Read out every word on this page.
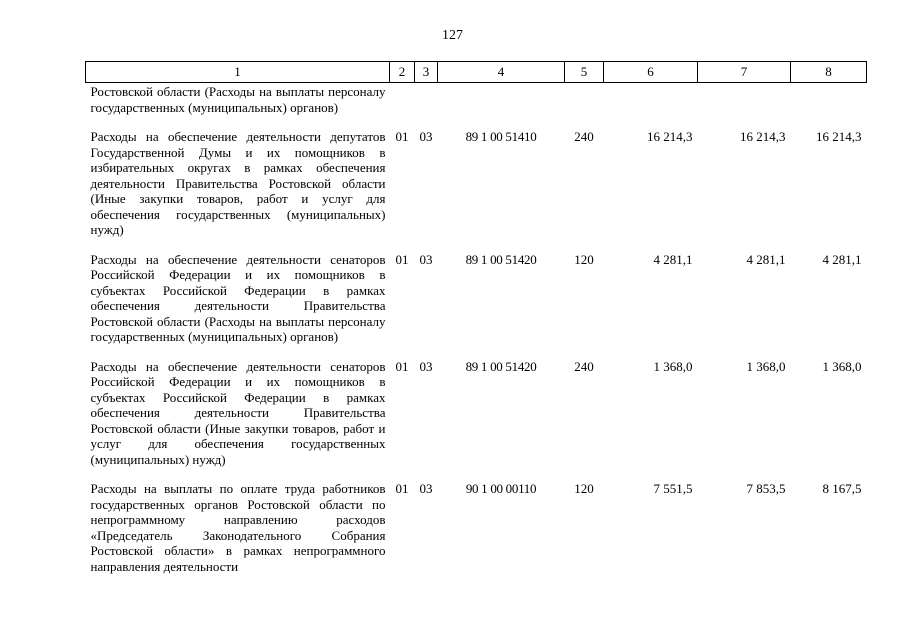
127
1	2	3	4	5	6	7	8
Ростовской области (Расходы на выплаты персоналу государственных (муниципальных) органов)							
Расходы на обеспечение деятельности депутатов Государственной Думы и их помощников в избирательных округах в рамках обеспечения деятельности Правительства Ростовской области (Иные закупки товаров, работ и услуг для обеспечения государственных (муниципальных) нужд)	01	03	89 1 00 51410	240	16 214,3	16 214,3	16 214,3
Расходы на обеспечение деятельности сенаторов Российской Федерации и их помощников в субъектах Российской Федерации в рамках обеспечения деятельности Правительства Ростовской области (Расходы на выплаты персоналу государственных (муниципальных) органов)	01	03	89 1 00 51420	120	4 281,1	4 281,1	4 281,1
Расходы на обеспечение деятельности сенаторов Российской Федерации и их помощников в субъектах Российской Федерации в рамках обеспечения деятельности Правительства Ростовской области (Иные закупки товаров, работ и услуг для обеспечения государственных (муниципальных) нужд)	01	03	89 1 00 51420	240	1 368,0	1 368,0	1 368,0
Расходы на выплаты по оплате труда работников государственных органов Ростовской области по непрограммному направлению расходов «Председатель Законодательного Собрания Ростовской области» в рамках непрограммного направления деятельности	01	03	90 1 00 00110	120	7 551,5	7 853,5	8 167,5
